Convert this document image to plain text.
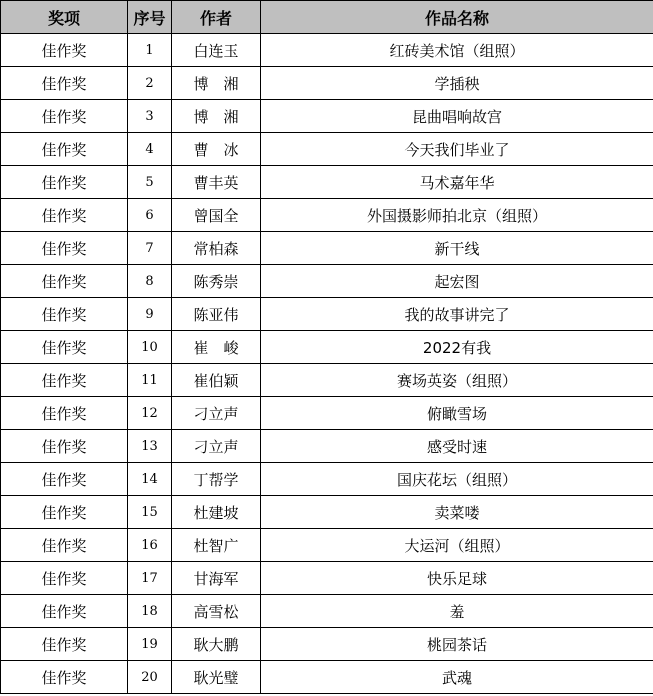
奖项	序号	作者	作品名称
佳作奖	1	白连玉	红砖美术馆（组照）
佳作奖	2	博　湘	学插秧
佳作奖	3	博　湘	昆曲唱响故宫
佳作奖	4	曹　冰	今天我们毕业了
佳作奖	5	曹丰英	马术嘉年华
佳作奖	6	曾国全	外国摄影师拍北京（组照）
佳作奖	7	常柏森	新干线
佳作奖	8	陈秀崇	起宏图
佳作奖	9	陈亚伟	我的故事讲完了
佳作奖	10	崔　峻	2022有我
佳作奖	11	崔伯颖	赛场英姿（组照）
佳作奖	12	刁立声	俯瞰雪场
佳作奖	13	刁立声	感受时速
佳作奖	14	丁帮学	国庆花坛（组照）
佳作奖	15	杜建坡	卖菜喽
佳作奖	16	杜智广	大运河（组照）
佳作奖	17	甘海军	快乐足球
佳作奖	18	高雪松	羞
佳作奖	19	耿大鹏	桃园茶话
佳作奖	20	耿光璧	武魂
